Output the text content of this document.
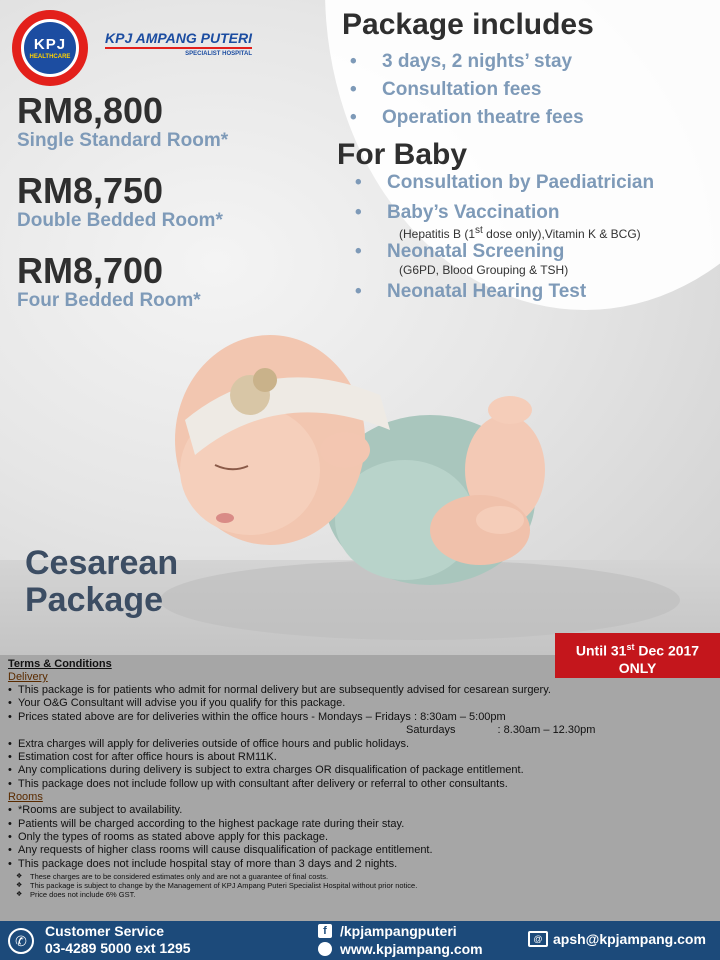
KPJ
HEALTHCARE
KPJ AMPANG PUTERI
SPECIALIST HOSPITAL
RM8,800
Single Standard Room*
RM8,750
Double Bedded Room*
RM8,700
Four Bedded Room*
Package includes
• 3 days, 2 nights’ stay
• Consultation fees
• Operation theatre fees
For Baby
• Consultation by Paediatrician
• Baby’s Vaccination
(Hepatitis B (1st dose only),Vitamin K & BCG)
• Neonatal Screening
(G6PD, Blood Grouping & TSH)
• Neonatal Hearing Test
Cesarean
Package
Terms & Conditions
Delivery
• This package is for patients who admit for normal delivery but are subsequently advised for cesarean surgery.
• Your O&G Consultant will advise you if you qualify for this package.
• Prices stated above are for deliveries within the office hours - Mondays – Fridays : 8:30am – 5:00pm
Saturdays	: 8.30am – 12.30pm
• Extra charges will apply for deliveries outside of office hours and public holidays.
• Estimation cost for after office hours is about RM11K.
• Any complications during delivery is subject to extra charges OR disqualification of package entitlement.
• This package does not include follow up with consultant after delivery or referral to other consultants.
Rooms
• *Rooms are subject to availability.
• Patients will be charged according to the highest package rate during their stay.
• Only the types of rooms as stated above apply for this package.
• Any requests of higher class rooms will cause disqualification of package entitlement.
• This package does not include hospital stay of more than 3 days and 2 nights.
❖ These charges are to be considered estimates only and are not a guarantee of final costs.
❖ This package is subject to change by the Management of KPJ Ampang Puteri Specialist Hospital without prior notice.
❖ Price does not include 6% GST.
Until 31st Dec 2017
ONLY
✆
Customer Service
03-4289 5000 ext 1295
f /kpjampangputeri
www.kpjampang.com
@ apsh@kpjampang.com
